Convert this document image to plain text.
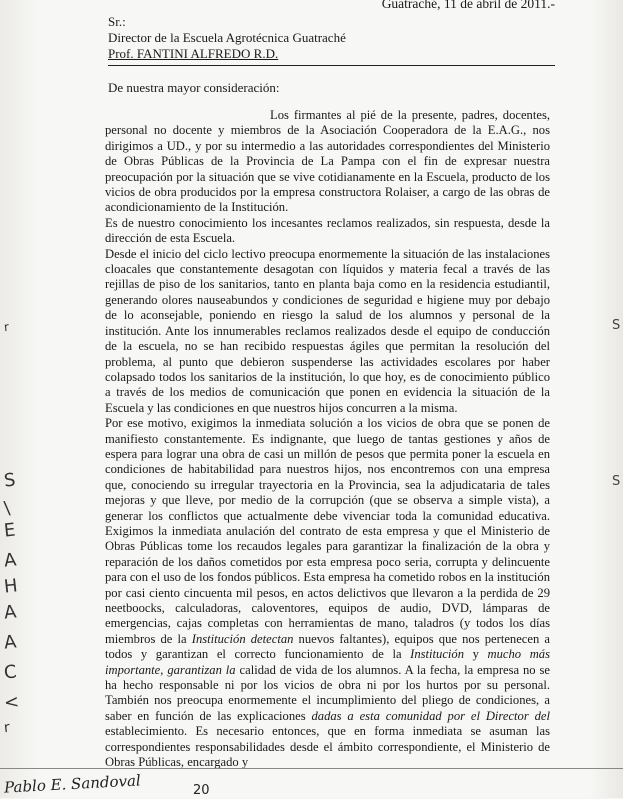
Guatraché, 11 de abril de 2011.-
Sr.:
Director de la Escuela Agrotécnica Guatraché
Prof. FANTINI ALFREDO R.D.
De nuestra mayor consideración:

Los firmantes al pié de la presente, padres, docentes, personal no docente y miembros de la Asociación Cooperadora de la E.A.G., nos dirigimos a UD., y por su intermedio a las autoridades correspondientes del Ministerio de Obras Públicas de la Provincia de La Pampa con el fin de expresar nuestra preocupación por la situación que se vive cotidianamente en la Escuela, producto de los vicios de obra producidos por la empresa constructora Rolaiser, a cargo de las obras de acondicionamiento de la Institución.

Es de nuestro conocimiento los incesantes reclamos realizados, sin respuesta, desde la dirección de esta Escuela.

Desde el inicio del ciclo lectivo preocupa enormemente la situación de las instalaciones cloacales que constantemente desagotan con líquidos y materia fecal a través de las rejillas de piso de los sanitarios, tanto en planta baja como en la residencia estudiantil, generando olores nauseabundos y condiciones de seguridad e higiene muy por debajo de lo aconsejable, poniendo en riesgo la salud de los alumnos y personal de la institución. Ante los innumerables reclamos realizados desde el equipo de conducción de la escuela, no se han recibido respuestas ágiles que permitan la resolución del problema, al punto que debieron suspenderse las actividades escolares por haber colapsado todos los sanitarios de la institución, lo que hoy, es de conocimiento público a través de los medios de comunicación que ponen en evidencia la situación de la Escuela y las condiciones en que nuestros hijos concurren a la misma.

Por ese motivo, exigimos la inmediata solución a los vicios de obra que se ponen de manifiesto constantemente. Es indignante, que luego de tantas gestiones y años de espera para lograr una obra de casi un millón de pesos que permita poner la escuela en condiciones de habitabilidad para nuestros hijos, nos encontremos con una empresa que, conociendo su irregular trayectoria en la Provincia, sea la adjudicataria de tales mejoras y que lleve, por medio de la corrupción (que se observa a simple vista), a generar los conflictos que actualmente debe vivenciar toda la comunidad educativa. Exigimos la inmediata anulación del contrato de esta empresa y que el Ministerio de Obras Públicas tome los recaudos legales para garantizar la finalización de la obra y reparación de los daños cometidos por esta empresa poco seria, corrupta y delincuente para con el uso de los fondos públicos. Esta empresa ha cometido robos en la institución por casi ciento cincuenta mil pesos, en actos delictivos que llevaron a la perdida de 29 neetboocks, calculadoras, caloventores, equipos de audio, DVD, lámparas de emergencias, cajas completas con herramientas de mano, taladros (y todos los días miembros de la Institución detectan nuevos faltantes), equipos que nos pertenecen a todos y garantizan el correcto funcionamiento de la Institución y mucho más importante, garantizan la calidad de vida de los alumnos. A la fecha, la empresa no se ha hecho responsable ni por los vicios de obra ni por los hurtos por su personal. También nos preocupa enormemente el incumplimiento del pliego de condiciones, a saber en función de las explicaciones dadas a esta comunidad por el Director del establecimiento. Es necesario entonces, que en forma inmediata se asuman las correspondientes responsabilidades desde el ámbito correspondiente, el Ministerio de Obras Públicas, encargado y

r
S
\
E
A
H
A
A
C
<
r
S
S
Pablo E. Sandoval	20
